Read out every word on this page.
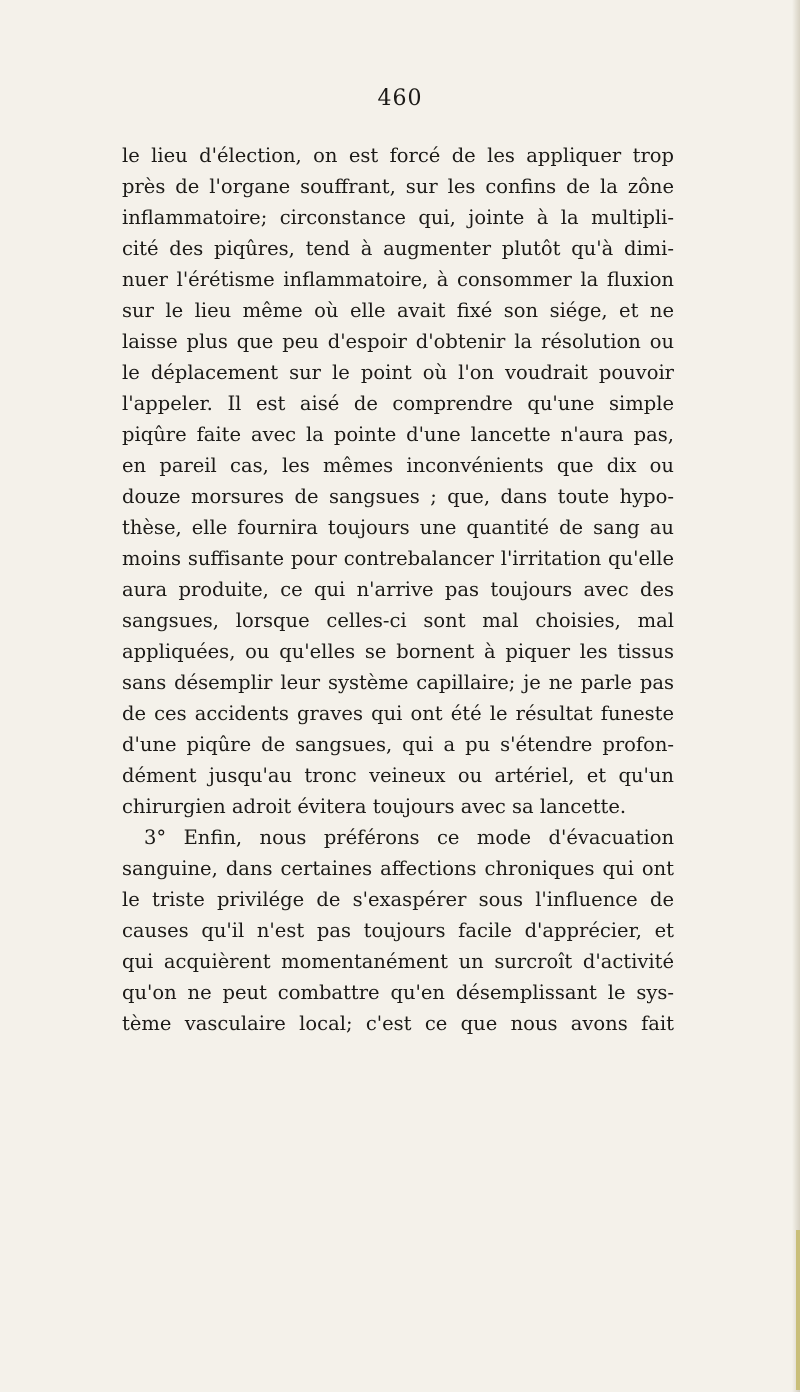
460
le lieu d'élection, on est forcé de les appliquer trop
près de l'organe souffrant, sur les confins de la zône
inflammatoire; circonstance qui, jointe à la multipli-
cité des piqûres, tend à augmenter plutôt qu'à dimi-
nuer l'érétisme inflammatoire, à consommer la fluxion
sur le lieu même où elle avait fixé son siége, et ne
laisse plus que peu d'espoir d'obtenir la résolution ou
le déplacement sur le point où l'on voudrait pouvoir
l'appeler. Il est aisé de comprendre qu'une simple
piqûre faite avec la pointe d'une lancette n'aura pas,
en pareil cas, les mêmes inconvénients que dix ou
douze morsures de sangsues ; que, dans toute hypo-
thèse, elle fournira toujours une quantité de sang au
moins suffisante pour contrebalancer l'irritation qu'elle
aura produite, ce qui n'arrive pas toujours avec des
sangsues, lorsque celles-ci sont mal choisies, mal
appliquées, ou qu'elles se bornent à piquer les tissus
sans désemplir leur système capillaire; je ne parle pas
de ces accidents graves qui ont été le résultat funeste
d'une piqûre de sangsues, qui a pu s'étendre profon-
dément jusqu'au tronc veineux ou artériel, et qu'un
chirurgien adroit évitera toujours avec sa lancette.
3° Enfin, nous préférons ce mode d'évacuation
sanguine, dans certaines affections chroniques qui ont
le triste privilége de s'exaspérer sous l'influence de
causes qu'il n'est pas toujours facile d'apprécier, et
qui acquièrent momentanément un surcroît d'activité
qu'on ne peut combattre qu'en désemplissant le sys-
tème vasculaire local; c'est ce que nous avons fait
